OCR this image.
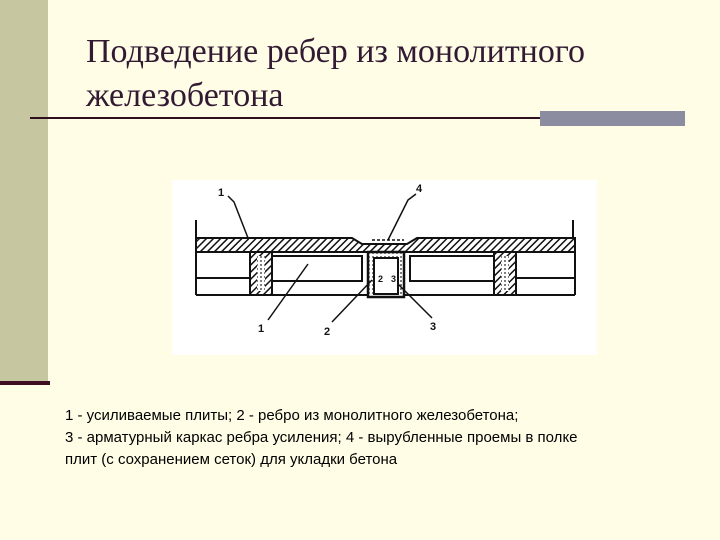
Подведение ребер из монолитного
железобетона
1	4
1	2	3
2 3
1 - усиливаемые плиты; 2 - ребро из монолитного железобетона;
3 - арматурный каркас ребра усиления; 4 - вырубленные проемы в полке
плит (с сохранением сеток) для укладки бетона
